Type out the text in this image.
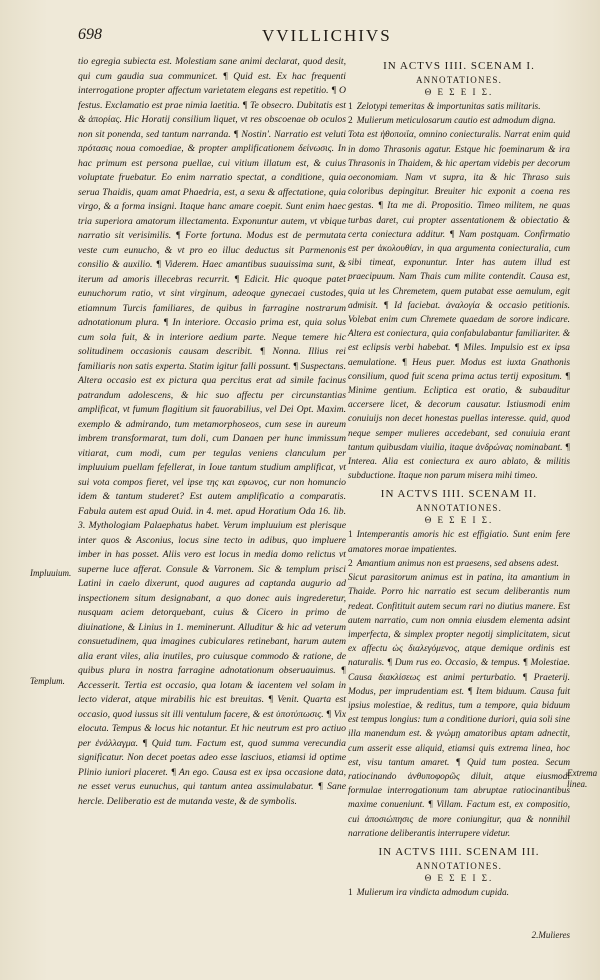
698	VVILLICHIVS

tio egregia subiecta est. Molestiam sane animi declarat, quod desit, qui cum gaudia sua communicet. ¶ Quid est. Ex hac frequenti interrogatione propter affectum varietatem elegans est repetitio. ¶ O festus. Exclamatio est prae nimia laetitia. ¶ Te obsecro. Dubitatis est & ἀπορίας. Hic Horatij consilium liquet, vt res obscoenae ob oculos non sit ponenda, sed tantum narranda. ¶ Nostin'. Narratio est veluti πρότασις noua comoediae, & propter amplificationem δείνωσις. In hac primum est persona puellae, cui vitium illatum est, & cuius voluptate fruebatur. Eo enim narratio spectat, a conditione, quia serua Thaidis, quam amat Phaedria, est, a sexu & affectatione, quia virgo, & a forma insigni. Itaque hanc amare coepit. Sunt enim haec tria superiora amatorum illectamenta. Exponuntur autem, vt vbique narratio sit verisimilis. ¶ Forte fortuna. Modus est de permutata veste cum eunucho, & vt pro eo illuc deductus sit Parmenonis consilio & auxilio. ¶ Viderem. Haec amantibus suauissima sunt, & iterum ad amoris illecebras recurrit. ¶ Edicit. Hic quoque patet eunuchorum ratio, vt sint virginum, adeoque gynecaei custodes, etiamnum Turcis familiares, de quibus in farragine nostrarum adnotationum plura. ¶ In interiore. Occasio prima est, quia solus cum sola fuit, & in interiore aedium parte. Neque temere hic solitudinem occasionis causam describit. ¶ Nonna. Illius rei familiaris non satis experta. Statim igitur falli possunt. ¶ Suspectans. Altera occasio est ex pictura qua percitus erat ad simile facinus patrandum adolescens, & hic suo affectu per circunstantias amplificat, vt fumum flagitium sit fauorabilius, vel Dei Opt. Maxim. exemplo & admirando, tum metamorphoseos, cum sese in aureum imbrem transformarat, tum doli, cum Danaen per hunc immissum vitiarat, cum modi, cum per tegulas veniens clanculum per impluuium puellam fefellerat, in Ioue tantum studium amplificat, vt sui vota compos fieret, vel ipse της και εφωνος, cur non homuncio idem & tantum studeret? Est autem amplificatio a comparatis. Fabula autem est apud Ouid. in 4. met. apud Horatium Oda 16. lib. 3. Mythologiam Palaephatus habet. Verum impluuium est plerisque inter quos & Asconius, locus sine tecto in adibus, quo impluere imber in has posset. Aliis vero est locus in media domo relictus vt superne luce afferat. Consule & Varronem. Sic & templum prisci Latini in caelo dixerunt, quod augures ad captanda augurio ad inspectionem situm designabant, a quo donec auis ingrederetur, nusquam aciem detorquebant, cuius & Cicero in primo de diuinatione, & Linius in 1. meminerunt. Alluditur & hic ad veterum consuetudinem, qua imagines cubiculares retinebant, harum autem alia erant viles, alia inutiles, pro cuiusque commodo & ratione, de quibus plura in nostra farragine adnotationum obseruauimus. ¶ Accesserit. Tertia est occasio, qua lotam & iacentem vel solam in lecto viderat, atque mirabilis hic est breuitas. ¶ Venit. Quarta est occasio, quod iussus sit illi ventulum facere, & est ὑποτύπωσις. ¶ Vix elocuta. Tempus & locus hic notantur. Et hic neutrum est pro actiuo per ἐνάλλαγμα. ¶ Quid tum. Factum est, quod summa verecundia significatur. Non decet poetas adeo esse lasciuos, etiamsi id optime Plinio iuniori placeret. ¶ An ego. Causa est ex ipsa occasione data, ne esset verus eunuchus, qui tantum antea assimulabatur. ¶ Sane hercle. Deliberatio est de mutanda veste, & de symbolis.

IN ACTVS IIII. SCENAM I.
ANNOTATIONES.
Θ Ε Σ Ε Ι Σ.

1 Zelotypi temeritas & importunitas satis militaris.

2 Mulierum meticulosarum cautio est admodum digna.

Tota est ἠθοποιΐα, omnino coniecturalis. Narrat enim quid in domo Thrasonis agatur. Estque hic foeminarum & ira Thrasonis in Thaidem, & hic apertam videbis per decorum oeconomiam. Nam vt supra, ita & hic Thraso suis coloribus depingitur. Breuiter hic exponit a coena res gestas. ¶ Ita me di. Propositio. Timeo militem, ne quas turbas daret, cui propter assentationem & obiectatio & certa coniectura additur. ¶ Nam postquam. Confirmatio est per ἀκολουθίαν, in qua argumenta coniecturalia, cum sibi timeat, exponuntur. Inter has autem illud est praecipuum. Nam Thais cum milite contendit. Causa est, quia ut les Chremetem, quem putabat esse aemulum, egit admisit. ¶ Id faciebat. ἀναλογία & occasio petitionis. Volebat enim cum Chremete quaedam de sorore indicare. Altera est coniectura, quia confabulabantur familiariter. & est eclipsis verbi habebat. ¶ Miles. Impulsio est ex ipsa aemulatione. ¶ Heus puer. Modus est iuxta Gnathonis consilium, quod fuit scena prima actus tertij expositum. ¶ Minime gentium. Ecliptica est oratio, & subauditur accersere licet, & decorum causatur. Istiusmodi enim conuiuijs non decet honestas puellas interesse. quid, quod neque semper mulieres accedebant, sed conuiuia erant tantum quibusdam viuilia, itaque ἀνδρώνας nominabant. ¶ Interea. Alia est coniectura ex auro ablato, & militis subductione. Itaque non parum misera mihi timeo.

IN ACTVS IIII. SCENAM II.
ANNOTATIONES.
Θ Ε Σ Ε Ι Σ.

1 Intemperantis amoris hic est effigiatio. Sunt enim fere amatores morae impatientes.

2 Amantium animus non est praesens, sed absens adest.

Sicut parasitorum animus est in patina, ita amantium in Thaide. Porro hic narratio est secum deliberantis num redeat. Confitituit autem secum rari no diutius manere. Est autem narratio, cum non omnia eiusdem elementa adsint imperfecta, & simplex propter negotij simplicitatem, sicut ex affectu ὡς διαλεγόμενος, atque demique ordinis est naturalis. ¶ Dum rus eo. Occasio, & tempus. ¶ Molestiae. Causa διακλίσεως est animi perturbatio. ¶ Praeterij. Modus, per imprudentiam est. ¶ Item biduum. Causa fuit ipsius molestiae, & reditus, tum a tempore, quia biduum est tempus longius: tum a conditione duriori, quia soli sine illa manendum est. & γνώμῃ amatoribus aptam adnectit, cum asserit esse aliquid, etiamsi quis extrema linea, hoc est, visu tantum amaret. ¶ Quid tum postea. Secum ratiocinando ἀνθυποφορῶς diluit, atque eiusmodi formulae interrogationum tam abruptae ratiocinantibus maxime conueniunt. ¶ Villam. Factum est, ex compositio, cui ἀποσιώπησις de more coniungitur, qua & nonnihil narratione deliberantis interrupere videtur.

IN ACTVS IIII. SCENAM III.
ANNOTATIONES.
Θ Ε Σ Ε Ι Σ.

1 Mulierum ira vindicta admodum cupida.

Impluuium.
Templum.
Extrema linea.
2.Mulieres
